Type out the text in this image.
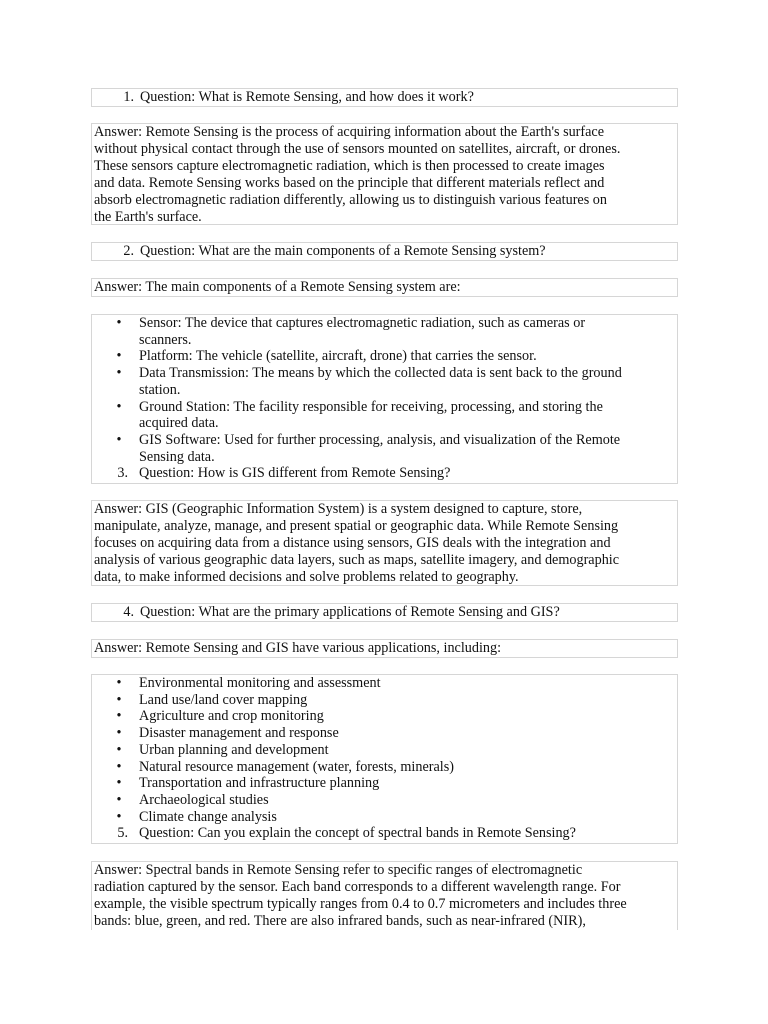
1. Question: What is Remote Sensing, and how does it work?

Answer: Remote Sensing is the process of acquiring information about the Earth's surface

without physical contact through the use of sensors mounted on satellites, aircraft, or drones.

These sensors capture electromagnetic radiation, which is then processed to create images

and data. Remote Sensing works based on the principle that different materials reflect and

absorb electromagnetic radiation differently, allowing us to distinguish various features on

the Earth's surface.

2. Question: What are the main components of a Remote Sensing system?
Answer: The main components of a Remote Sensing system are:
• Sensor: The device that captures electromagnetic radiation, such as cameras or
scanners.
• Platform: The vehicle (satellite, aircraft, drone) that carries the sensor.
• Data Transmission: The means by which the collected data is sent back to the ground
station.
• Ground Station: The facility responsible for receiving, processing, and storing the
acquired data.
• GIS Software: Used for further processing, analysis, and visualization of the Remote
Sensing data.
3. Question: How is GIS different from Remote Sensing?

Answer: GIS (Geographic Information System) is a system designed to capture, store,

manipulate, analyze, manage, and present spatial or geographic data. While Remote Sensing

focuses on acquiring data from a distance using sensors, GIS deals with the integration and

analysis of various geographic data layers, such as maps, satellite imagery, and demographic

data, to make informed decisions and solve problems related to geography.

4. Question: What are the primary applications of Remote Sensing and GIS?
Answer: Remote Sensing and GIS have various applications, including:
• Environmental monitoring and assessment
• Land use/land cover mapping
• Agriculture and crop monitoring
• Disaster management and response
• Urban planning and development
• Natural resource management (water, forests, minerals)
• Transportation and infrastructure planning
• Archaeological studies
• Climate change analysis
5. Question: Can you explain the concept of spectral bands in Remote Sensing?

Answer: Spectral bands in Remote Sensing refer to specific ranges of electromagnetic

radiation captured by the sensor. Each band corresponds to a different wavelength range. For

example, the visible spectrum typically ranges from 0.4 to 0.7 micrometers and includes three

bands: blue, green, and red. There are also infrared bands, such as near-infrared (NIR),
